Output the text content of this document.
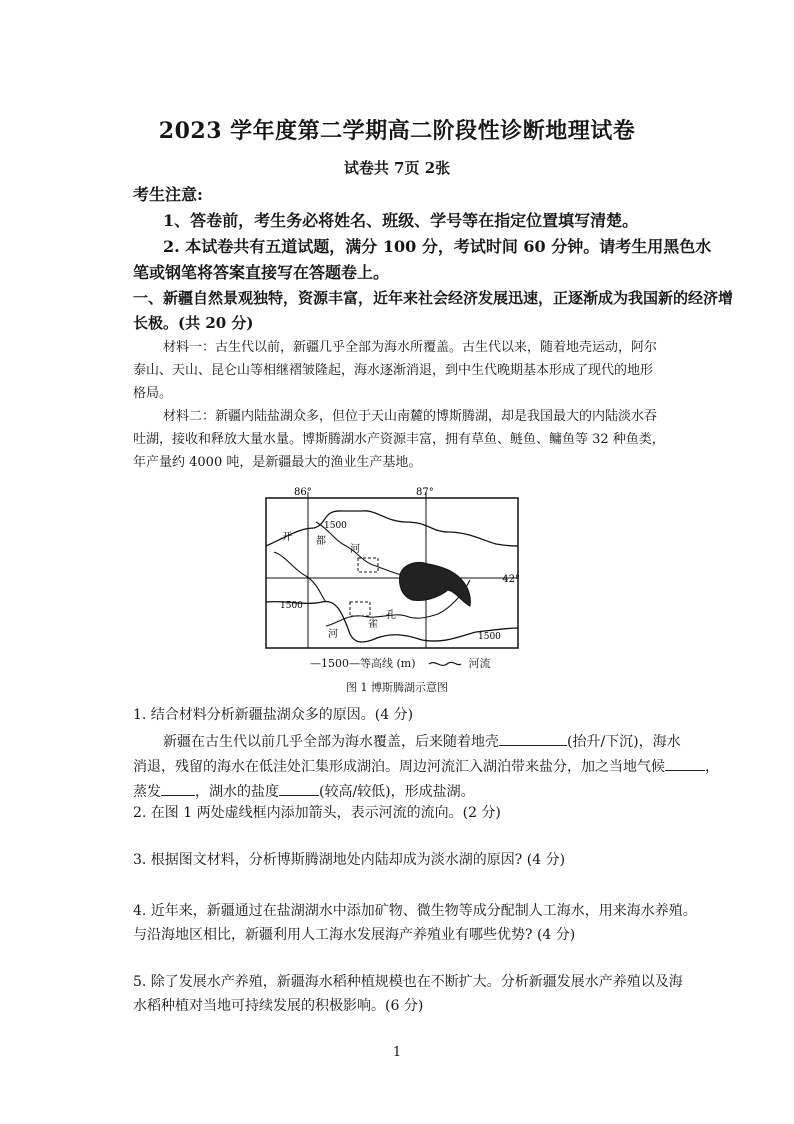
2023 学年度第二学期高二阶段性诊断地理试卷
试卷共 7页 2张
考生注意:
1、答卷前，考生务必将姓名、班级、学号等在指定位置填写清楚。
2. 本试卷共有五道试题，满分 100 分，考试时间 60 分钟。请考生用黑色水
笔或钢笔将答案直接写在答题卷上。
一、新疆自然景观独特，资源丰富，近年来社会经济发展迅速，正逐渐成为我国新的经济增
长极。(共 20 分)
材料一：古生代以前，新疆几乎全部为海水所覆盖。古生代以来，随着地壳运动，阿尔
泰山、天山、昆仑山等相继褶皱隆起，海水逐渐消退，到中生代晚期基本形成了现代的地形
格局。
材料二：新疆内陆盐湖众多，但位于天山南麓的博斯腾湖，却是我国最大的内陆淡水吞
吐湖，接收和释放大量水量。博斯腾湖水产资源丰富，拥有草鱼、鲢鱼、鳙鱼等 32 种鱼类，
年产量约 4000 吨，是新疆最大的渔业生产基地。
86°	87°
42°
1500
1500
1500
开 都
河
孔
雀
河
—1500—等高线 (m)	河流
图 1 博斯腾湖示意图
1. 结合材料分析新疆盐湖众多的原因。(4 分)
新疆在古生代以前几乎全部为海水覆盖，后来随着地壳	(抬升/下沉)，海水
消退，残留的海水在低洼处汇集形成湖泊。周边河流汇入湖泊带来盐分，加之当地气候	，
蒸发 ，湖水的盐度	(较高/较低)，形成盐湖。
2. 在图 1 两处虚线框内添加箭头，表示河流的流向。(2 分)
3. 根据图文材料，分析博斯腾湖地处内陆却成为淡水湖的原因? (4 分)
4. 近年来，新疆通过在盐湖湖水中添加矿物、微生物等成分配制人工海水，用来海水养殖。
与沿海地区相比，新疆利用人工海水发展海产养殖业有哪些优势? (4 分)
5. 除了发展水产养殖，新疆海水稻种植规模也在不断扩大。分析新疆发展水产养殖以及海
水稻种植对当地可持续发展的积极影响。(6 分)
1
